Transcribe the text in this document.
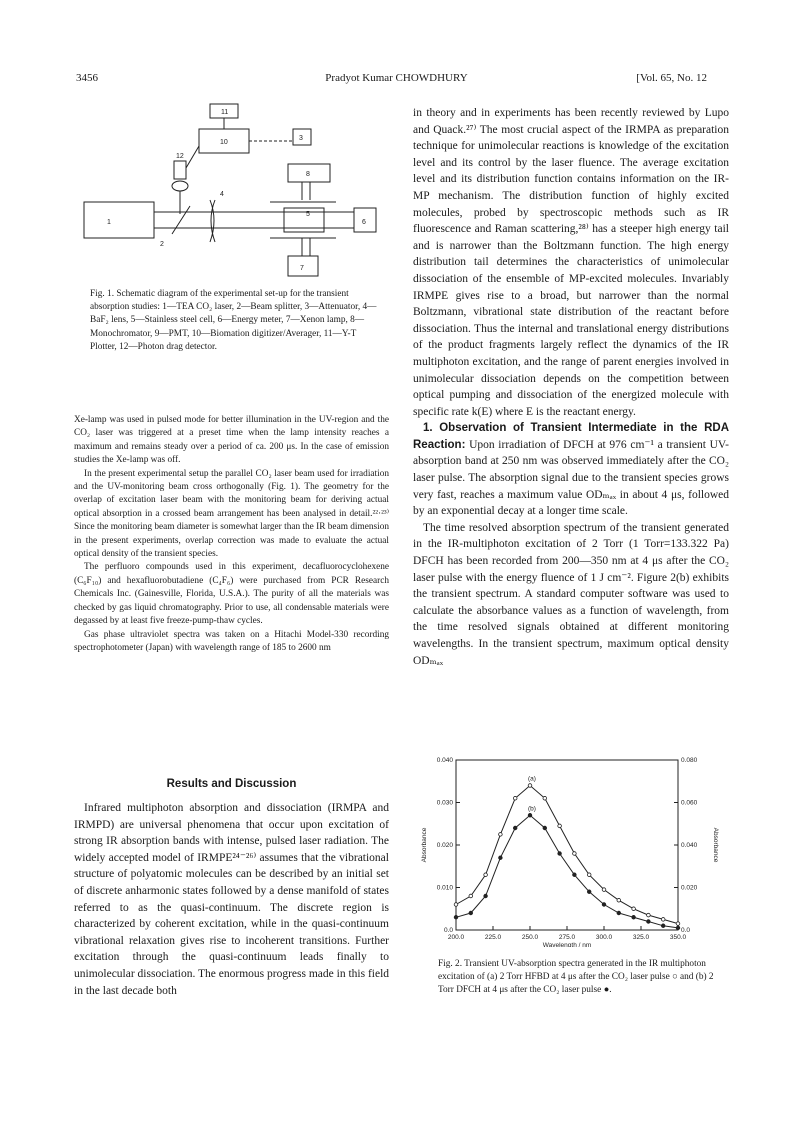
3456	Pradyot Kumar CHOWDHURY	[Vol. 65, No. 12
11
10
3
12
8
1
2
4
5
6
7
Fig. 1. Schematic diagram of the experimental set-up for the transient absorption studies: 1—TEA CO₂ laser, 2—Beam splitter, 3—Attenuator, 4—BaF₂ lens, 5—Stainless steel cell, 6—Energy meter, 7—Xenon lamp, 8—Monochromator, 9—PMT, 10—Biomation digitizer/Averager, 11—Y-T Plotter, 12—Photon drag detector.

Xe-lamp was used in pulsed mode for better illumination in the UV-region and the CO₂ laser was triggered at a preset time when the lamp intensity reaches a maximum and remains steady over a period of ca. 200 μs. In the case of emission studies the Xe-lamp was off.

In the present experimental setup the parallel CO₂ laser beam used for irradiation and the UV-monitoring beam cross orthogonally (Fig. 1). The geometry for the overlap of excitation laser beam with the monitoring beam for deriving actual optical absorption in a crossed beam arrangement has been analysed in detail.²²·²³⁾ Since the monitoring beam diameter is somewhat larger than the IR beam dimension in the present experiments, overlap correction was made to evaluate the actual optical density of the transient species.

The perfluoro compounds used in this experiment, decafluorocyclohexene (C₆F₁₀) and hexafluorobutadiene (C₄F₆) were purchased from PCR Research Chemicals Inc. (Gainesville, Florida, U.S.A.). The purity of all the materials was checked by gas liquid chromatography. Prior to use, all condensable materials were degassed by at least five freeze-pump-thaw cycles.

Gas phase ultraviolet spectra was taken on a Hitachi Model-330 recording spectrophotometer (Japan) with wavelength range of 185 to 2600 nm

Results and Discussion

Infrared multiphoton absorption and dissociation (IRMPA and IRMPD) are universal phenomena that occur upon excitation of strong IR absorption bands with intense, pulsed laser radiation. The widely accepted model of IRMPE²⁴⁻²⁶⁾ assumes that the vibrational structure of polyatomic molecules can be described by an initial set of discrete anharmonic states followed by a dense manifold of states referred to as the quasi-continuum. The discrete region is characterized by coherent excitation, while in the quasi-continuum vibrational relaxation gives rise to incoherent transitions. Further excitation through the quasi-continuum leads finally to unimolecular dissociation. The enormous progress made in this field in the last decade both

in theory and in experiments has been recently reviewed by Lupo and Quack.²⁷⁾ The most crucial aspect of the IRMPA as preparation technique for unimolecular reactions is knowledge of the excitation level and its control by the laser fluence. The average excitation level and its distribution function contains information on the IR-MP mechanism. The distribution function of highly excited molecules, probed by spectroscopic methods such as IR fluorescence and Raman scattering,²⁸⁾ has a steeper high energy tail and is narrower than the Boltzmann function. The high energy distribution tail determines the characteristics of unimolecular dissociation of the ensemble of MP-excited molecules. Invariably IRMPE gives rise to a broad, but narrower than the normal Boltzmann, vibrational state distribution of the reactant before dissociation. Thus the internal and translational energy distributions of the product fragments largely reflect the dynamics of the IR multiphoton excitation, and the range of parent energies involved in unimolecular dissociation depends on the competition between optical pumping and dissociation of the energized molecule with specific rate k(E) where E is the reactant energy.

1. Observation of Transient Intermediate in the RDA Reaction: Upon irradiation of DFCH at 976 cm⁻¹ a transient UV-absorption band at 250 nm was observed immediately after the CO₂ laser pulse. The absorption signal due to the transient species grows very fast, reaches a maximum value ODₘₐₓ in about 4 μs, followed by an exponential decay at a longer time scale.

The time resolved absorption spectrum of the transient generated in the IR-multiphoton excitation of 2 Torr (1 Torr=133.322 Pa) DFCH has been recorded from 200—350 nm at 4 μs after the CO₂ laser pulse with the energy fluence of 1 J cm⁻². Figure 2(b) exhibits the transient spectrum. A standard computer software was used to calculate the absorbance values as a function of wavelength, from the time resolved signals obtained at different monitoring wavelengths. In the transient spectrum, maximum optical density ODₘₐₓ

200.0	225.0	250.0	275.0	300.0	325.0	350.0
0.0
0.010
0.020
0.030
0.040
0.0
0.020
0.040
0.060
0.080
Wavelength / nm
Absorbance	Absorbance
(a)
(b)
Fig. 2. Transient UV-absorption spectra generated in the IR multiphoton excitation of (a) 2 Torr HFBD at 4 μs after the CO₂ laser pulse ○ and (b) 2 Torr DFCH at 4 μs after the CO₂ laser pulse ●.
